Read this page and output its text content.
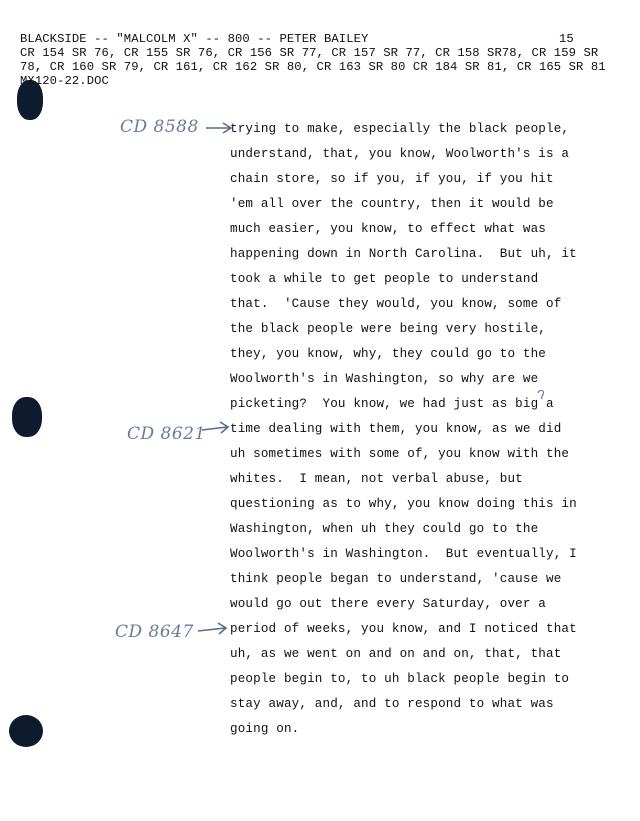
BLACKSIDE -- "MALCOLM X" -- 800 -- PETER BAILEY	15
CR 154 SR 76, CR 155 SR 76, CR 156 SR 77, CR 157 SR 77, CR 158 SR78, CR 159 SR
78, CR 160 SR 79, CR 161, CR 162 SR 80, CR 163 SR 80 CR 184 SR 81, CR 165 SR 81
MX120-22.DOC
CD 8588
CD 8621
CD 8647
trying to make, especially the black people,
understand, that, you know, Woolworth's is a
chain store, so if you, if you, if you hit
'em all over the country, then it would be
much easier, you know, to effect what was
happening down in North Carolina.  But uh, it
took a while to get people to understand
that.  'Cause they would, you know, some of
the black people were being very hostile,
they, you know, why, they could go to the
Woolworth's in Washington, so why are we
picketing?  You know, we had just as big a
time dealing with them, you know, as we did
uh sometimes with some of, you know with the
whites.  I mean, not verbal abuse, but
questioning as to why, you know doing this in
Washington, when uh they could go to the
Woolworth's in Washington.  But eventually, I
think people began to understand, 'cause we
would go out there every Saturday, over a
period of weeks, you know, and I noticed that
uh, as we went on and on and on, that, that
people begin to, to uh black people begin to
stay away, and, and to respond to what was
going on.
